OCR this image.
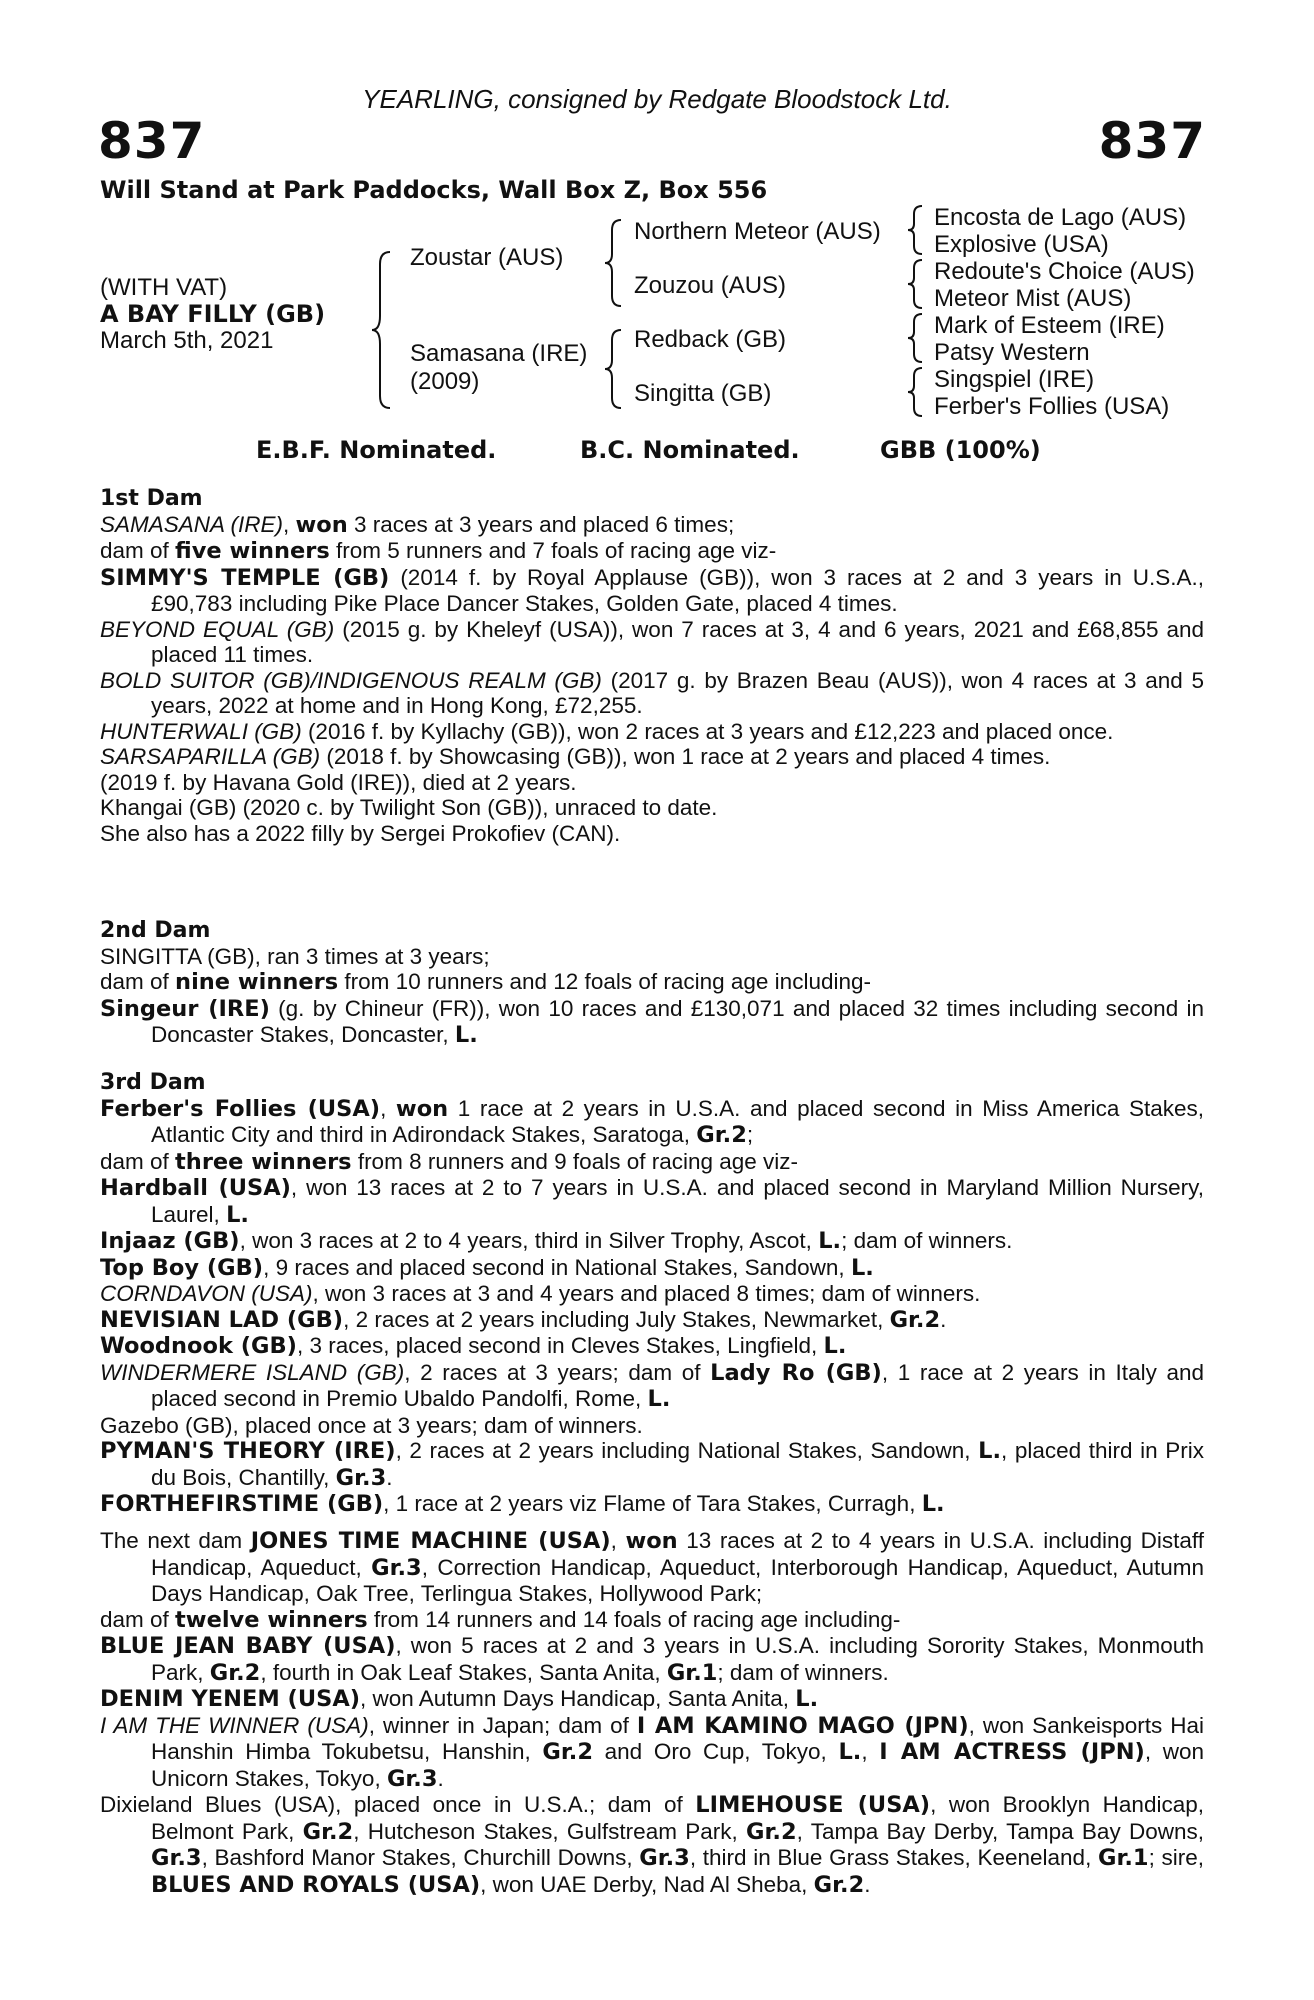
YEARLING, consigned by Redgate Bloodstock Ltd.
837	837
Will Stand at Park Paddocks, Wall Box Z, Box 556
(WITH VAT)
A BAY FILLY (GB)
March 5th, 2021
Zoustar (AUS)
Samasana (IRE)
(2009)
Northern Meteor (AUS)
Zouzou (AUS)
Redback (GB)
Singitta (GB)
Encosta de Lago (AUS)
Explosive (USA)
Redoute's Choice (AUS)
Meteor Mist (AUS)
Mark of Esteem (IRE)
Patsy Western
Singspiel (IRE)
Ferber's Follies (USA)
E.B.F. Nominated.	B.C. Nominated.	GBB (100%)

1st Dam

SAMASANA (IRE), won 3 races at 3 years and placed 6 times;

dam of five winners from 5 runners and 7 foals of racing age viz-

SIMMY'S TEMPLE (GB) (2014 f. by Royal Applause (GB)), won 3 races at 2 and 3 years in U.S.A., £90,783 including Pike Place Dancer Stakes, Golden Gate, placed 4 times.

BEYOND EQUAL (GB) (2015 g. by Kheleyf (USA)), won 7 races at 3, 4 and 6 years, 2021 and £68,855 and placed 11 times.

BOLD SUITOR (GB)/INDIGENOUS REALM (GB) (2017 g. by Brazen Beau (AUS)), won 4 races at 3 and 5 years, 2022 at home and in Hong Kong, £72,255.

HUNTERWALI (GB) (2016 f. by Kyllachy (GB)), won 2 races at 3 years and £12,223 and placed once.

SARSAPARILLA (GB) (2018 f. by Showcasing (GB)), won 1 race at 2 years and placed 4 times.

(2019 f. by Havana Gold (IRE)), died at 2 years.

Khangai (GB) (2020 c. by Twilight Son (GB)), unraced to date.

She also has a 2022 filly by Sergei Prokofiev (CAN).

2nd Dam

SINGITTA (GB), ran 3 times at 3 years;

dam of nine winners from 10 runners and 12 foals of racing age including-

Singeur (IRE) (g. by Chineur (FR)), won 10 races and £130,071 and placed 32 times including second in Doncaster Stakes, Doncaster, L.

3rd Dam

Ferber's Follies (USA), won 1 race at 2 years in U.S.A. and placed second in Miss America Stakes, Atlantic City and third in Adirondack Stakes, Saratoga, Gr.2;

dam of three winners from 8 runners and 9 foals of racing age viz-

Hardball (USA), won 13 races at 2 to 7 years in U.S.A. and placed second in Maryland Million Nursery, Laurel, L.

Injaaz (GB), won 3 races at 2 to 4 years, third in Silver Trophy, Ascot, L.; dam of winners.

Top Boy (GB), 9 races and placed second in National Stakes, Sandown, L.

CORNDAVON (USA), won 3 races at 3 and 4 years and placed 8 times; dam of winners.

NEVISIAN LAD (GB), 2 races at 2 years including July Stakes, Newmarket, Gr.2.

Woodnook (GB), 3 races, placed second in Cleves Stakes, Lingfield, L.

WINDERMERE ISLAND (GB), 2 races at 3 years; dam of Lady Ro (GB), 1 race at 2 years in Italy and placed second in Premio Ubaldo Pandolfi, Rome, L.

Gazebo (GB), placed once at 3 years; dam of winners.

PYMAN'S THEORY (IRE), 2 races at 2 years including National Stakes, Sandown, L., placed third in Prix du Bois, Chantilly, Gr.3.

FORTHEFIRSTIME (GB), 1 race at 2 years viz Flame of Tara Stakes, Curragh, L.

The next dam JONES TIME MACHINE (USA), won 13 races at 2 to 4 years in U.S.A. including Distaff Handicap, Aqueduct, Gr.3, Correction Handicap, Aqueduct, Interborough Handicap, Aqueduct, Autumn Days Handicap, Oak Tree, Terlingua Stakes, Hollywood Park;

dam of twelve winners from 14 runners and 14 foals of racing age including-

BLUE JEAN BABY (USA), won 5 races at 2 and 3 years in U.S.A. including Sorority Stakes, Monmouth Park, Gr.2, fourth in Oak Leaf Stakes, Santa Anita, Gr.1; dam of winners.

DENIM YENEM (USA), won Autumn Days Handicap, Santa Anita, L.

I AM THE WINNER (USA), winner in Japan; dam of I AM KAMINO MAGO (JPN), won Sankeisports Hai Hanshin Himba Tokubetsu, Hanshin, Gr.2 and Oro Cup, Tokyo, L., I AM ACTRESS (JPN), won Unicorn Stakes, Tokyo, Gr.3.

Dixieland Blues (USA), placed once in U.S.A.; dam of LIMEHOUSE (USA), won Brooklyn Handicap, Belmont Park, Gr.2, Hutcheson Stakes, Gulfstream Park, Gr.2, Tampa Bay Derby, Tampa Bay Downs, Gr.3, Bashford Manor Stakes, Churchill Downs, Gr.3, third in Blue Grass Stakes, Keeneland, Gr.1; sire, BLUES AND ROYALS (USA), won UAE Derby, Nad Al Sheba, Gr.2.
